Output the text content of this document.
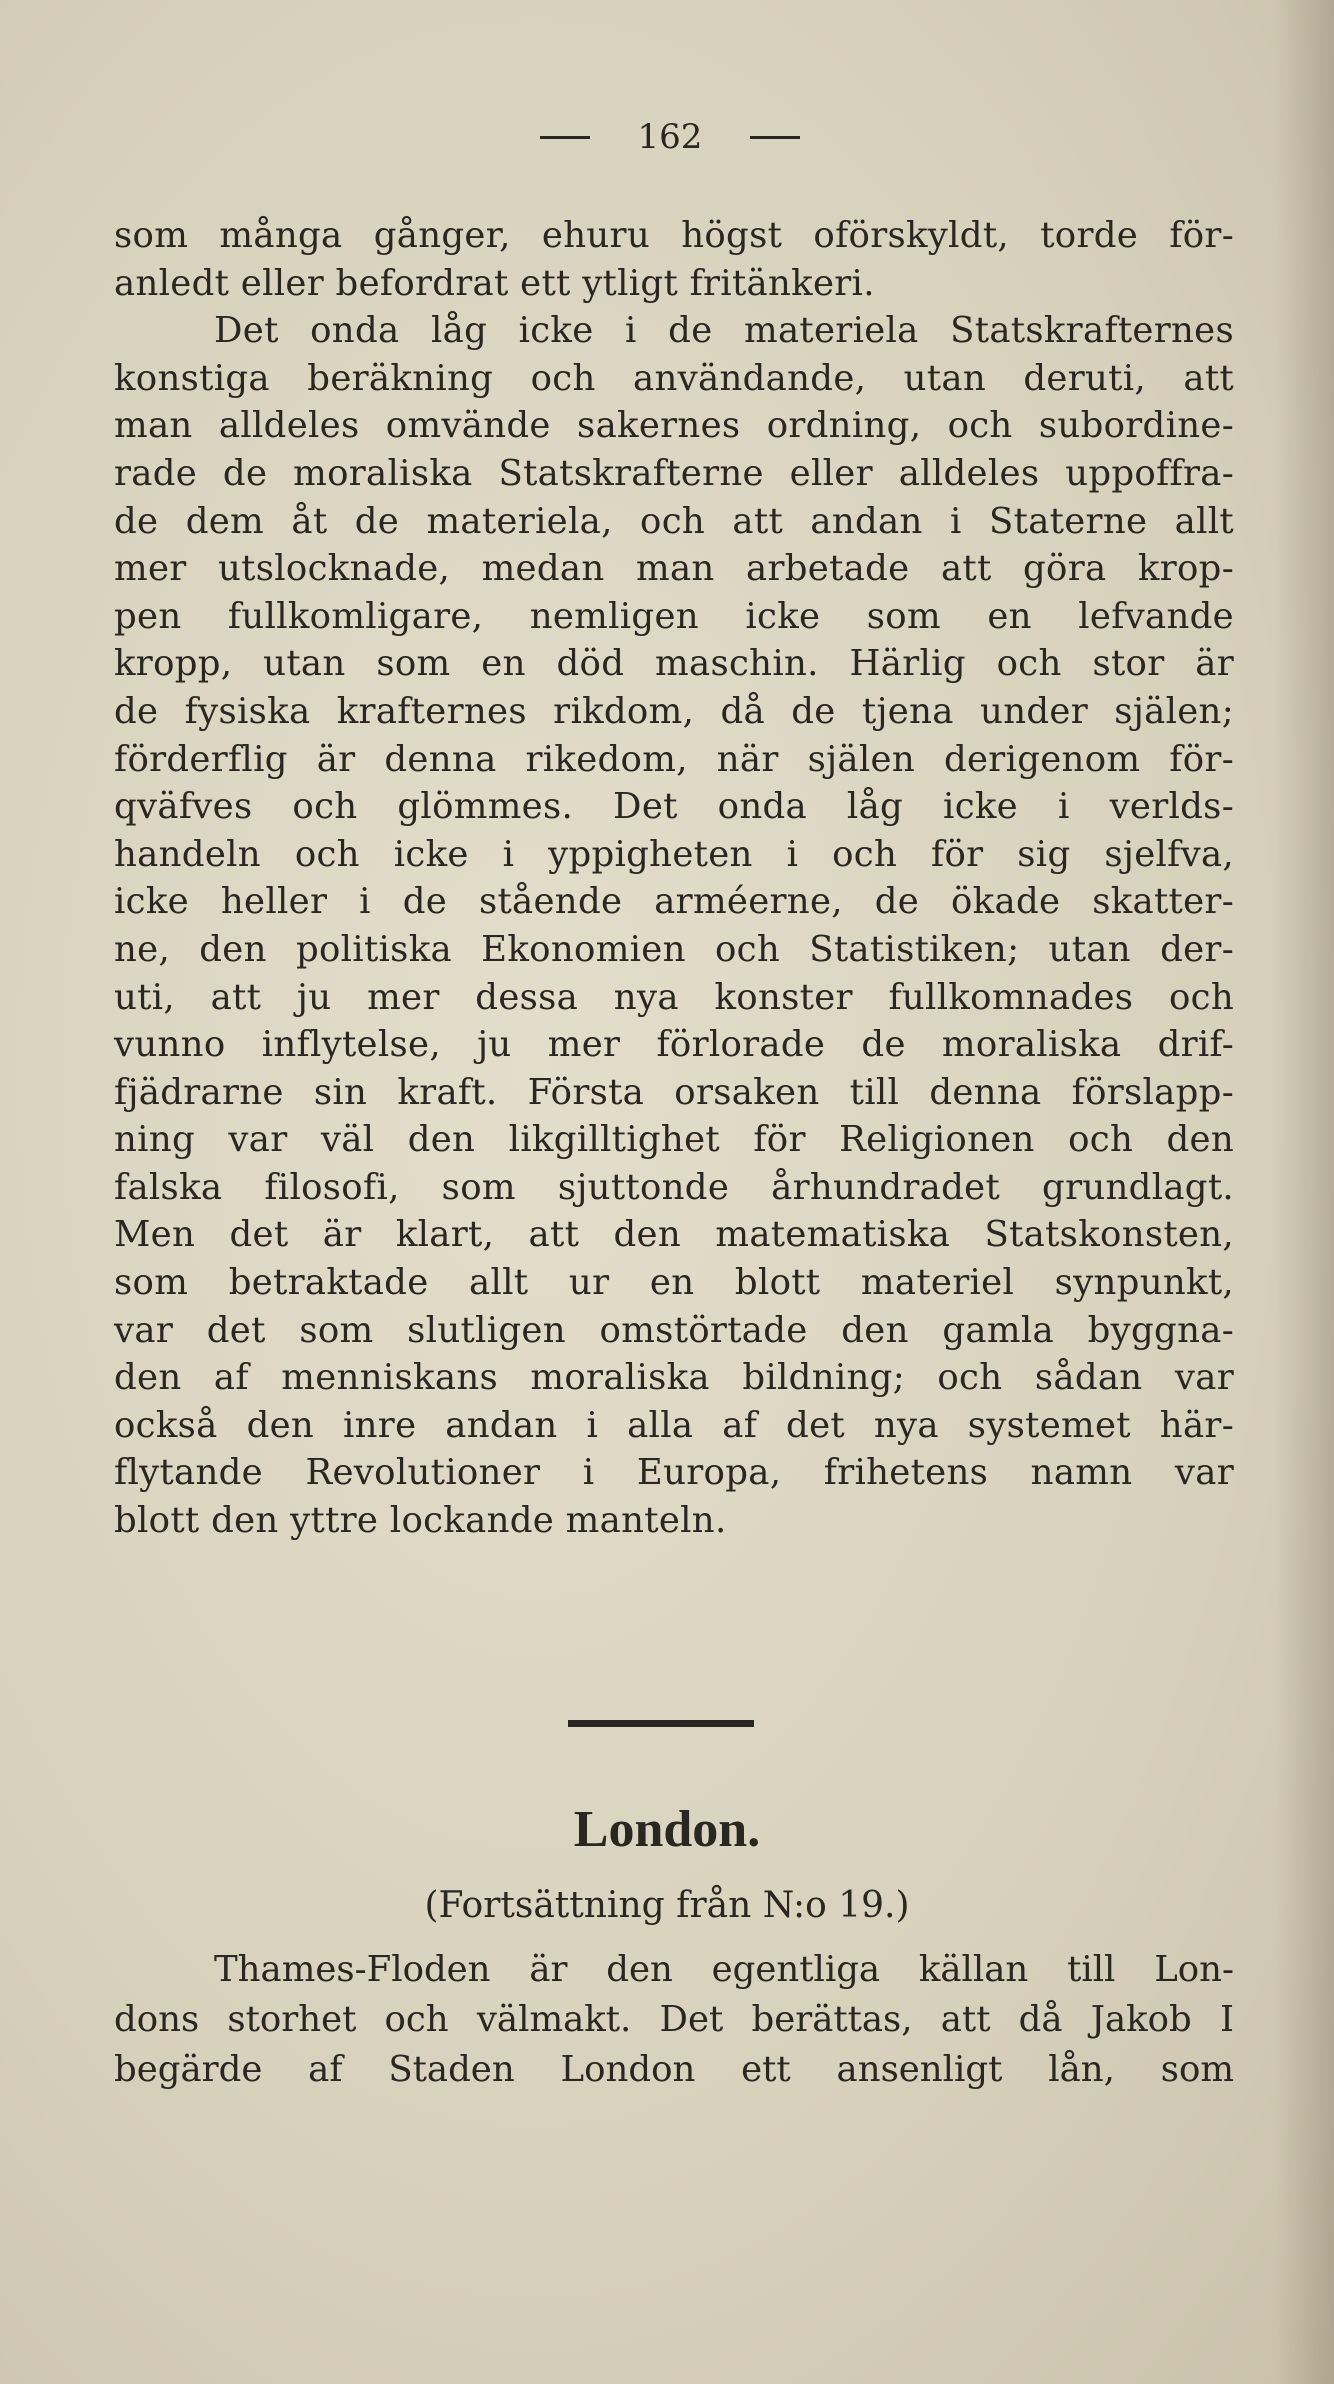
162
som många gånger, ehuru högst oförskyldt, torde för-
anledt eller befordrat ett ytligt fritänkeri.
Det onda låg icke i de materiela Statskrafternes
konstiga beräkning och användande, utan deruti, att
man alldeles omvände sakernes ordning, och subordine-
rade de moraliska Statskrafterne eller alldeles uppoffra-
de dem åt de materiela, och att andan i Staterne allt
mer utslocknade, medan man arbetade att göra krop-
pen fullkomligare, nemligen icke som en lefvande
kropp, utan som en död maschin. Härlig och stor är
de fysiska krafternes rikdom, då de tjena under själen;
förderflig är denna rikedom, när själen derigenom för-
qväfves och glömmes. Det onda låg icke i verlds-
handeln och icke i yppigheten i och för sig sjelfva,
icke heller i de stående arméerne, de ökade skatter-
ne, den politiska Ekonomien och Statistiken; utan der-
uti, att ju mer dessa nya konster fullkomnades och
vunno inflytelse, ju mer förlorade de moraliska drif-
fjädrarne sin kraft. Första orsaken till denna förslapp-
ning var väl den likgilltighet för Religionen och den
falska filosofi, som sjuttonde århundradet grundlagt.
Men det är klart, att den matematiska Statskonsten,
som betraktade allt ur en blott materiel synpunkt,
var det som slutligen omstörtade den gamla byggna-
den af menniskans moraliska bildning; och sådan var
också den inre andan i alla af det nya systemet här-
flytande Revolutioner i Europa, frihetens namn var
blott den yttre lockande manteln.
London.
(Fortsättning från N:o 19.)
Thames-Floden är den egentliga källan till Lon-
dons storhet och välmakt. Det berättas, att då Jakob I
begärde af Staden London ett ansenligt lån, som
